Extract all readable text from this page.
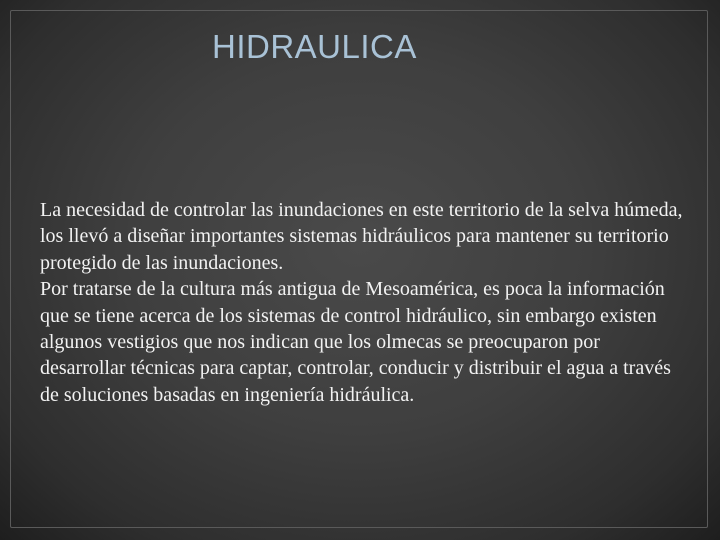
HIDRAULICA

La necesidad de controlar las inundaciones en este territorio de la selva húmeda, los llevó a diseñar importantes sistemas hidráulicos para mantener su territorio protegido de las inundaciones.

Por tratarse de la cultura más antigua de Mesoamérica, es poca la información que se tiene acerca de los sistemas de control hidráulico, sin embargo existen algunos vestigios que nos indican que los olmecas se preocuparon por desarrollar técnicas para captar, controlar, conducir y distribuir el agua a través de soluciones basadas en ingeniería hidráulica.
